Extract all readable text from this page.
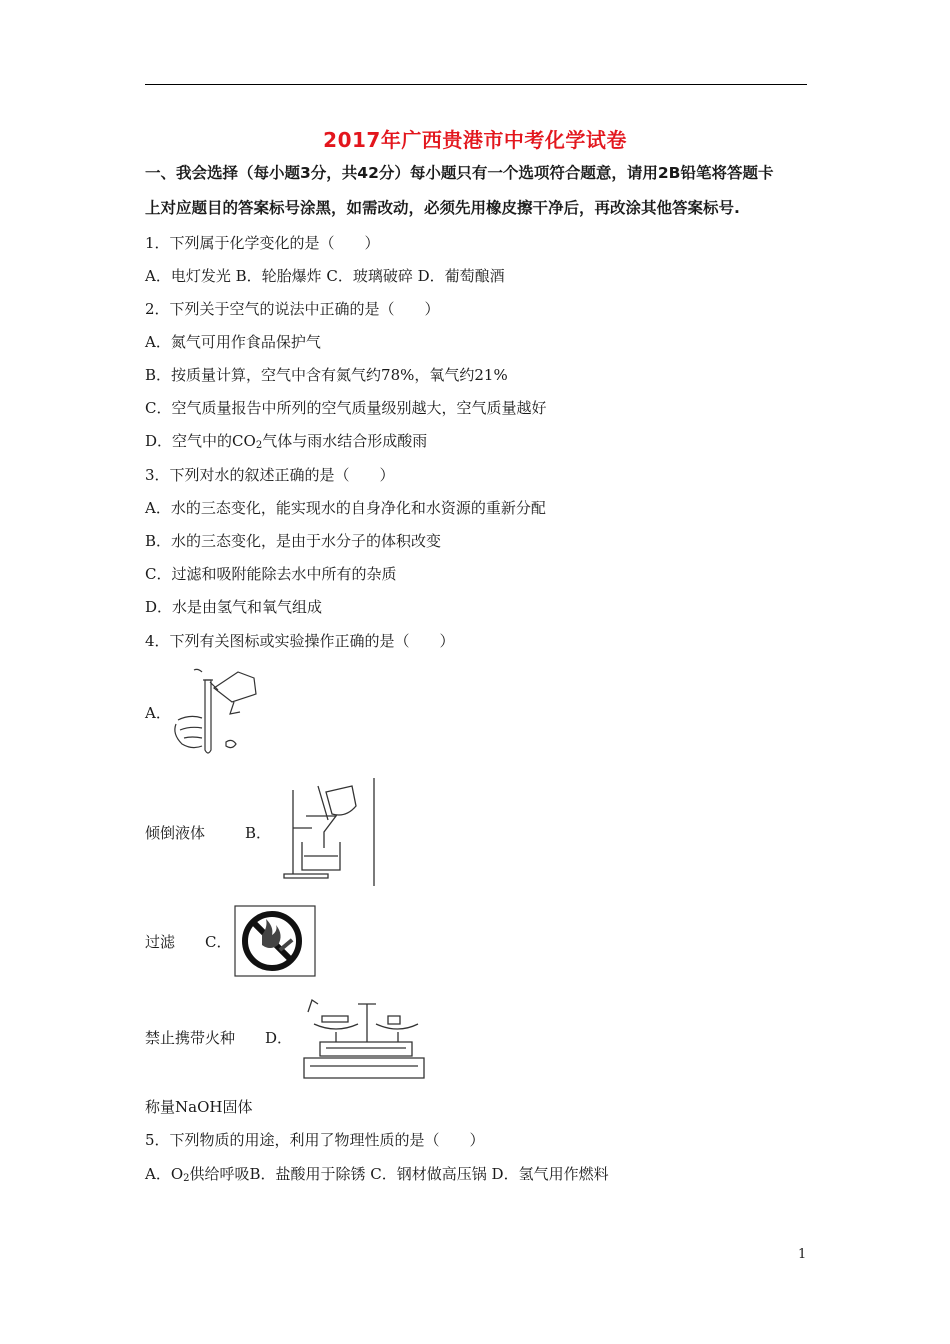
2017年广西贵港市中考化学试卷
一、我会选择（每小题3分，共42分）每小题只有一个选项符合题意，请用2B铅笔将答题卡
上对应题目的答案标号涂黑，如需改动，必须先用橡皮擦干净后，再改涂其他答案标号.
1．下列属于化学变化的是（　　）
A．电灯发光 B．轮胎爆炸 C．玻璃破碎 D．葡萄酿酒
2．下列关于空气的说法中正确的是（　　）
A．氮气可用作食品保护气
B．按质量计算，空气中含有氮气约78%，氧气约21%
C．空气质量报告中所列的空气质量级别越大，空气质量越好
D．空气中的$CO_2$气体与雨水结合形成酸雨
3．下列对水的叙述正确的是（　　）
A．水的三态变化，能实现水的自身净化和水资源的重新分配
B．水的三态变化，是由于水分子的体积改变
C．过滤和吸附能除去水中所有的杂质
D．水是由氢气和氧气组成
4．下列有关图标或实验操作正确的是（　　）
A．
倾倒液体	B．
过滤 C．
禁止携带火种 D．
称量NaOH固体
5．下列物质的用途，利用了物理性质的是（　　）
A．$O_2$供给呼吸B．盐酸用于除锈 C．钢材做高压锅 D．氢气用作燃料
1
